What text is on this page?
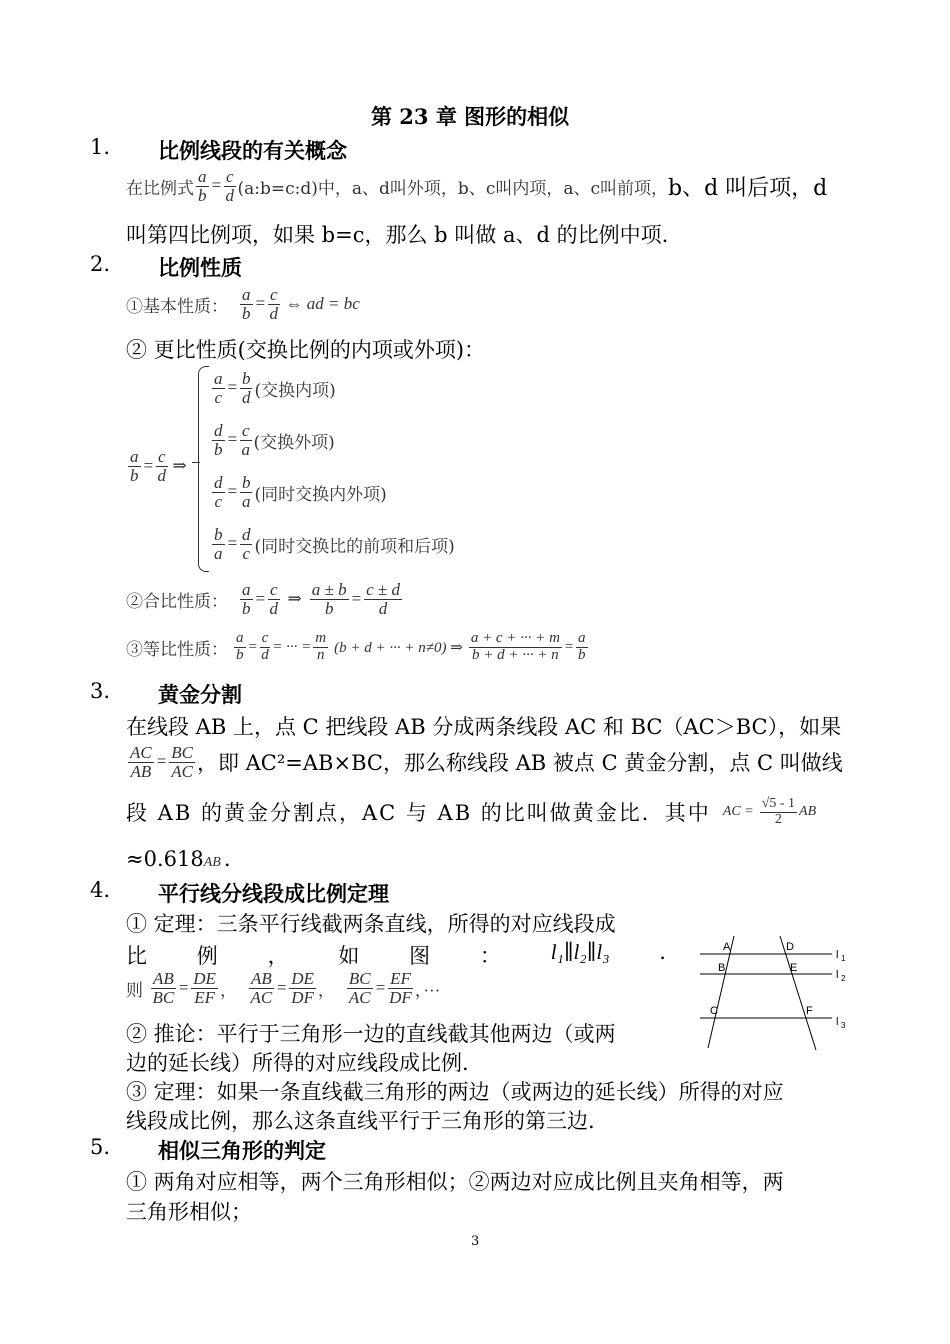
第 23 章 图形的相似
1. 比例线段的有关概念
在比例式 $\frac{a}{b} = \frac{c}{d}$ (a:b=c:d)中，a、d叫外项，b、c叫内项，a、c叫前项， b、d 叫后项，d
叫第四比例项，如果 b=c，那么 b 叫做 a、d 的比例中项.
2. 比例性质
①基本性质： $\frac{a}{b} = \frac{c}{d}$ ⇔ ad = bc
② 更比性质(交换比例的内项或外项)：
$\frac{a}{b} = \frac{c}{d}$ ⇒
$\frac{a}{c} = \frac{b}{d}$ (交换内项)
$\frac{d}{b} = \frac{c}{a}$ (交换外项)
$\frac{d}{c} = \frac{b}{a}$ (同时交换内外项)
$\frac{b}{a} = \frac{d}{c}$ (同时交换比的前项和后项)
②合比性质： $\frac{a}{b} = \frac{c}{d}$ ⇒ $\frac{a \pm b}{b} = \frac{c \pm d}{d}$
③等比性质： $\frac{a}{b} = \frac{c}{d}$ = ··· = $\frac{m}{n} (b + d$ + ··· + n≠0) ⇒ $\frac{a + c + \cdot\cdot\cdot + m}{b + d + \cdot\cdot\cdot + n} = \frac{a}{b}$
3. 黄金分割
在线段 AB 上，点 C 把线段 AB 分成两条线段 AC 和 BC（AC＞BC），如果
$\frac{AC}{AB} = \frac{BC}{AC}$ ，即 AC²=AB×BC，那么称线段 AB 被点 C 黄金分割，点 C 叫做线
段 AB 的黄金分割点，AC 与 AB 的比叫做黄金比．其中 AC = $\frac{√5 - 1}{2}$ AB
≈0.618 AB .
4. 平行线分线段成比例定理
① 定理：三条平行线截两条直线，所得的对应线段成
比 例 ， 如 图 ： l₁∥l₂∥l₃ .
则 $\frac{AB}{BC} = \frac{DE}{EF}$ ， $\frac{AB}{AC} = \frac{DE}{DF}$ ， $\frac{BC}{AC} = \frac{EF}{DF}$ ，···
② 推论：平行于三角形一边的直线截其他两边（或两
边的延长线）所得的对应线段成比例.
③ 定理：如果一条直线截三角形的两边（或两边的延长线）所得的对应
线段成比例，那么这条直线平行于三角形的第三边.
A	D
B	E
C	F
l 1
l 2
l 3
5. 相似三角形的判定
① 两角对应相等，两个三角形相似；②两边对应成比例且夹角相等，两
三角形相似；
3
